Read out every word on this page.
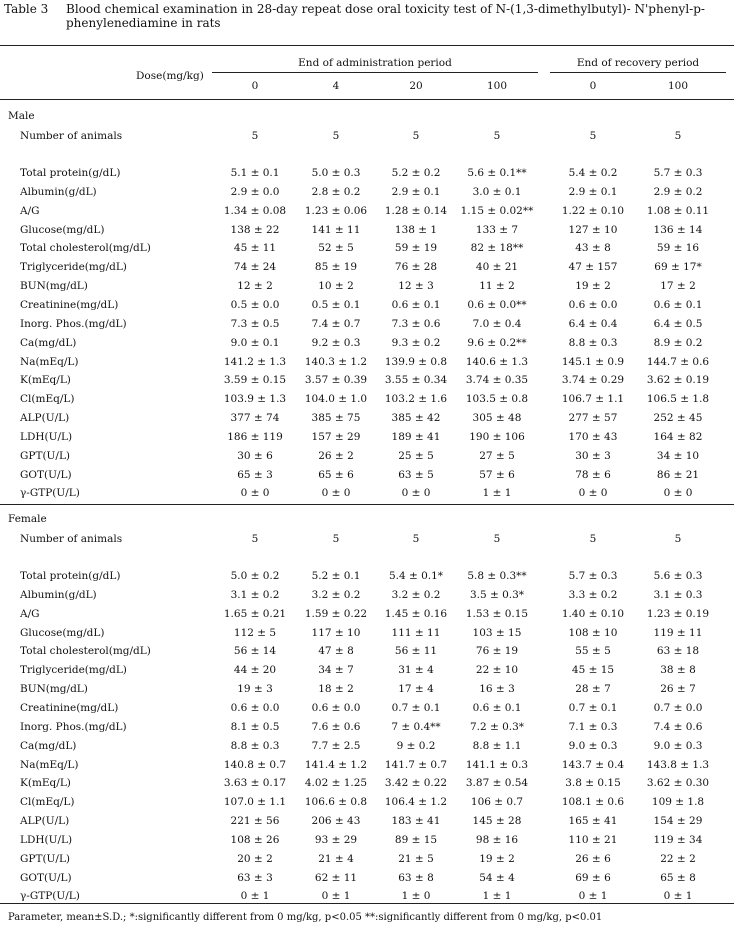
Table 3 Blood chemical examination in 28-day repeat dose oral toxicity test of N-(1,3-dimethylbutyl)- N'phenyl-p-phenylenediamine in rats
Dose(mg/kg)
End of administration period	End of recovery period
0	4	20	100	0	100
Male
Number of animals	5	5	5	5	5	5
Total protein(g/dL)	5.1 ± 0.1	5.0 ± 0.3	5.2 ± 0.2	5.6 ± 0.1**	5.4 ± 0.2	5.7 ± 0.3
Albumin(g/dL)	2.9 ± 0.0	2.8 ± 0.2	2.9 ± 0.1	3.0 ± 0.1	2.9 ± 0.1	2.9 ± 0.2
A/G	1.34 ± 0.08	1.23 ± 0.06	1.28 ± 0.14	1.15 ± 0.02**	1.22 ± 0.10	1.08 ± 0.11
Glucose(mg/dL)	138 ± 22	141 ± 11	138 ± 1	133 ± 7	127 ± 10	136 ± 14
Total cholesterol(mg/dL)	45 ± 11	52 ± 5	59 ± 19	82 ± 18**	43 ± 8	59 ± 16
Triglyceride(mg/dL)	74 ± 24	85 ± 19	76 ± 28	40 ± 21	47 ± 157	69 ± 17*
BUN(mg/dL)	12 ± 2	10 ± 2	12 ± 3	11 ± 2	19 ± 2	17 ± 2
Creatinine(mg/dL)	0.5 ± 0.0	0.5 ± 0.1	0.6 ± 0.1	0.6 ± 0.0**	0.6 ± 0.0	0.6 ± 0.1
Inorg. Phos.(mg/dL)	7.3 ± 0.5	7.4 ± 0.7	7.3 ± 0.6	7.0 ± 0.4	6.4 ± 0.4	6.4 ± 0.5
Ca(mg/dL)	9.0 ± 0.1	9.2 ± 0.3	9.3 ± 0.2	9.6 ± 0.2**	8.8 ± 0.3	8.9 ± 0.2
Na(mEq/L)	141.2 ± 1.3	140.3 ± 1.2	139.9 ± 0.8	140.6 ± 1.3	145.1 ± 0.9	144.7 ± 0.6
K(mEq/L)	3.59 ± 0.15	3.57 ± 0.39	3.55 ± 0.34	3.74 ± 0.35	3.74 ± 0.29	3.62 ± 0.19
Cl(mEq/L)	103.9 ± 1.3	104.0 ± 1.0	103.2 ± 1.6	103.5 ± 0.8	106.7 ± 1.1	106.5 ± 1.8
ALP(U/L)	377 ± 74	385 ± 75	385 ± 42	305 ± 48	277 ± 57	252 ± 45
LDH(U/L)	186 ± 119	157 ± 29	189 ± 41	190 ± 106	170 ± 43	164 ± 82
GPT(U/L)	30 ± 6	26 ± 2	25 ± 5	27 ± 5	30 ± 3	34 ± 10
GOT(U/L)	65 ± 3	65 ± 6	63 ± 5	57 ± 6	78 ± 6	86 ± 21
γ-GTP(U/L)	0 ± 0	0 ± 0	0 ± 0	1 ± 1	0 ± 0	0 ± 0
Female
Number of animals	5	5	5	5	5	5
Total protein(g/dL)	5.0 ± 0.2	5.2 ± 0.1	5.4 ± 0.1*	5.8 ± 0.3**	5.7 ± 0.3	5.6 ± 0.3
Albumin(g/dL)	3.1 ± 0.2	3.2 ± 0.2	3.2 ± 0.2	3.5 ± 0.3*	3.3 ± 0.2	3.1 ± 0.3
A/G	1.65 ± 0.21	1.59 ± 0.22	1.45 ± 0.16	1.53 ± 0.15	1.40 ± 0.10	1.23 ± 0.19
Glucose(mg/dL)	112 ± 5	117 ± 10	111 ± 11	103 ± 15	108 ± 10	119 ± 11
Total cholesterol(mg/dL)	56 ± 14	47 ± 8	56 ± 11	76 ± 19	55 ± 5	63 ± 18
Triglyceride(mg/dL)	44 ± 20	34 ± 7	31 ± 4	22 ± 10	45 ± 15	38 ± 8
BUN(mg/dL)	19 ± 3	18 ± 2	17 ± 4	16 ± 3	28 ± 7	26 ± 7
Creatinine(mg/dL)	0.6 ± 0.0	0.6 ± 0.0	0.7 ± 0.1	0.6 ± 0.1	0.7 ± 0.1	0.7 ± 0.0
Inorg. Phos.(mg/dL)	8.1 ± 0.5	7.6 ± 0.6	7 ± 0.4**	7.2 ± 0.3*	7.1 ± 0.3	7.4 ± 0.6
Ca(mg/dL)	8.8 ± 0.3	7.7 ± 2.5	9 ± 0.2	8.8 ± 1.1	9.0 ± 0.3	9.0 ± 0.3
Na(mEq/L)	140.8 ± 0.7	141.4 ± 1.2	141.7 ± 0.7	141.1 ± 0.3	143.7 ± 0.4	143.8 ± 1.3
K(mEq/L)	3.63 ± 0.17	4.02 ± 1.25	3.42 ± 0.22	3.87 ± 0.54	3.8 ± 0.15	3.62 ± 0.30
Cl(mEq/L)	107.0 ± 1.1	106.6 ± 0.8	106.4 ± 1.2	106 ± 0.7	108.1 ± 0.6	109 ± 1.8
ALP(U/L)	221 ± 56	206 ± 43	183 ± 41	145 ± 28	165 ± 41	154 ± 29
LDH(U/L)	108 ± 26	93 ± 29	89 ± 15	98 ± 16	110 ± 21	119 ± 34
GPT(U/L)	20 ± 2	21 ± 4	21 ± 5	19 ± 2	26 ± 6	22 ± 2
GOT(U/L)	63 ± 3	62 ± 11	63 ± 8	54 ± 4	69 ± 6	65 ± 8
γ-GTP(U/L)	0 ± 1	0 ± 1	1 ± 0	1 ± 1	0 ± 1	0 ± 1
Parameter, mean±S.D.; *:significantly different from 0 mg/kg, p<0.05 **:significantly different from 0 mg/kg, p<0.01
